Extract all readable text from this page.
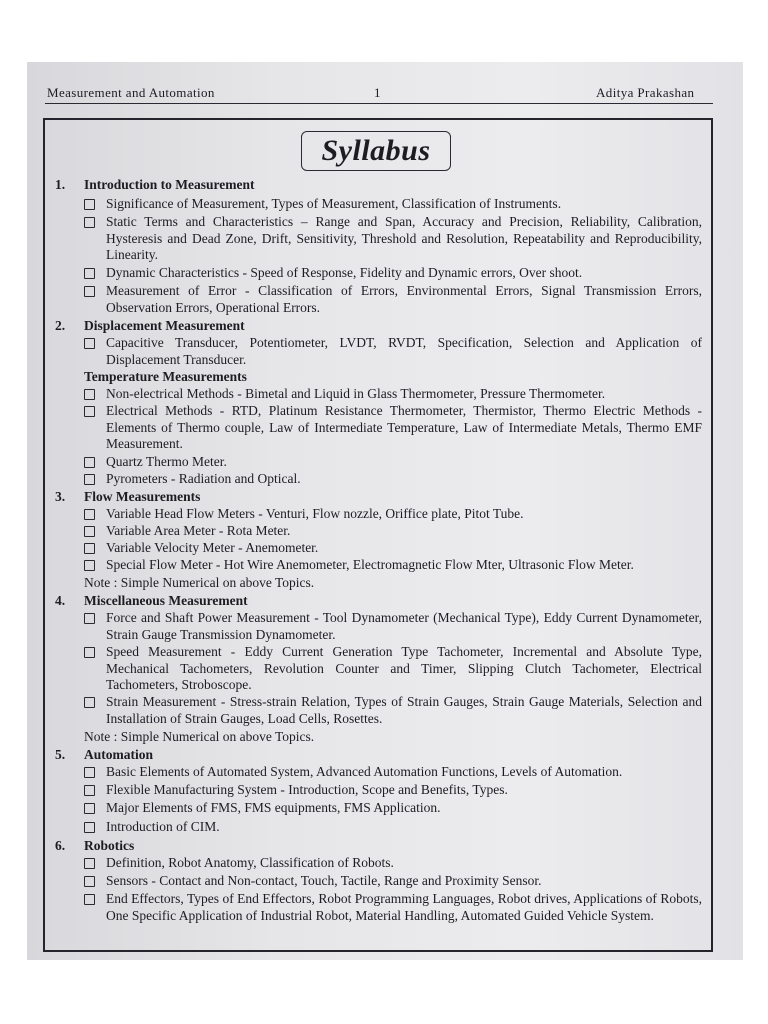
Measurement and Automation	1	Aditya Prakashan
Syllabus
1. Introduction to Measurement
Significance of Measurement, Types of Measurement, Classification of Instruments.
Static Terms and Characteristics – Range and Span, Accuracy and Precision, Reliability, Calibration, Hysteresis and Dead Zone, Drift, Sensitivity, Threshold and Resolution, Repeatability and Reproducibility, Linearity.
Dynamic Characteristics - Speed of Response, Fidelity and Dynamic errors, Over shoot.
Measurement of Error - Classification of Errors, Environmental Errors, Signal Transmission Errors, Observation Errors, Operational Errors.
2. Displacement Measurement
Capacitive Transducer, Potentiometer, LVDT, RVDT, Specification, Selection and Application of Displacement Transducer.
Temperature Measurements
Non-electrical Methods - Bimetal and Liquid in Glass Thermometer, Pressure Thermometer.
Electrical Methods - RTD, Platinum Resistance Thermometer, Thermistor, Thermo Electric Methods - Elements of Thermo couple, Law of Intermediate Temperature, Law of Intermediate Metals, Thermo EMF Measurement.
Quartz Thermo Meter.
Pyrometers - Radiation and Optical.
3. Flow Measurements
Variable Head Flow Meters - Venturi, Flow nozzle, Oriffice plate, Pitot Tube.
Variable Area Meter - Rota Meter.
Variable Velocity Meter - Anemometer.
Special Flow Meter - Hot Wire Anemometer, Electromagnetic Flow Mter, Ultrasonic Flow Meter.
Note : Simple Numerical on above Topics.
4. Miscellaneous Measurement
Force and Shaft Power Measurement - Tool Dynamometer (Mechanical Type), Eddy Current Dynamometer, Strain Gauge Transmission Dynamometer.
Speed Measurement - Eddy Current Generation Type Tachometer, Incremental and Absolute Type, Mechanical Tachometers, Revolution Counter and Timer, Slipping Clutch Tachometer, Electrical Tachometers, Stroboscope.
Strain Measurement - Stress-strain Relation, Types of Strain Gauges, Strain Gauge Materials, Selection and Installation of Strain Gauges, Load Cells, Rosettes.
Note : Simple Numerical on above Topics.
5. Automation
Basic Elements of Automated System, Advanced Automation Functions, Levels of Automation.
Flexible Manufacturing System - Introduction, Scope and Benefits, Types.
Major Elements of FMS, FMS equipments, FMS Application.
Introduction of CIM.
6. Robotics
Definition, Robot Anatomy, Classification of Robots.
Sensors - Contact and Non-contact, Touch, Tactile, Range and Proximity Sensor.
End Effectors, Types of End Effectors, Robot Programming Languages, Robot drives, Applications of Robots, One Specific Application of Industrial Robot, Material Handling, Automated Guided Vehicle System.
